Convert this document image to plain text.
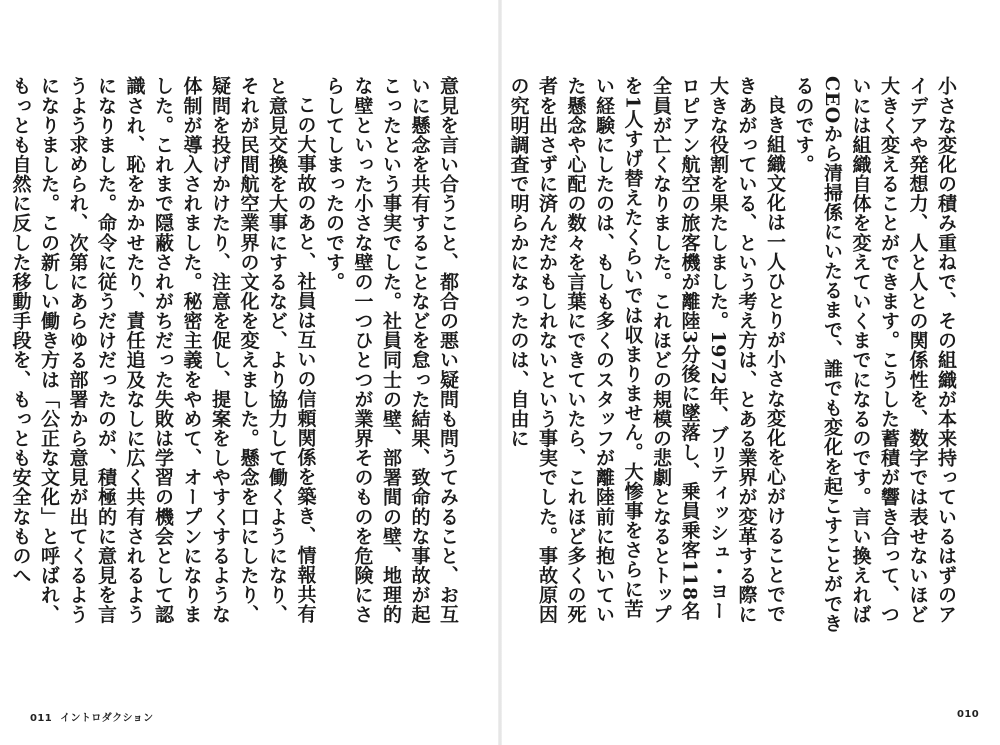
小さな変化の積み重ねで、その組織が本来持っているはずのアイデアや発想力、人と人との関係性を、数字では表せないほど大きく変えることができます。こうした蓄積が響き合って、ついには組織自体を変えていくまでになるのです。言い換えればCEOから清掃係にいたるまで、誰でも変化を起こすことができるのです。

良き組織文化は一人ひとりが小さな変化を心がけることでできあがっている、という考え方は、とある業界が変革する際に大きな役割を果たしました。1972年、ブリティッシュ・ヨーロピアン航空の旅客機が離陸3分後に墜落し、乗員乗客118名全員が亡くなりました。これほどの規模の悲劇となるとトップを1人すげ替えたくらいでは収まりません。大惨事をさらに苦い経験にしたのは、もしも多くのスタッフが離陸前に抱いていた懸念や心配の数々を言葉にできていたら、これほど多くの死者を出さずに済んだかもしれないという事実でした。事故原因の究明調査で明らかになったのは、自由に

意見を言い合うこと、都合の悪い疑問も問うてみること、お互いに懸念を共有することなどを怠った結果、致命的な事故が起こったという事実でした。社員同士の壁、部署間の壁、地理的な壁といった小さな壁の一つひとつが業界そのものを危険にさらしてしまったのです。

この大事故のあと、社員は互いの信頼関係を築き、情報共有と意見交換を大事にするなど、より協力して働くようになり、それが民間航空業界の文化を変えました。懸念を口にしたり、疑問を投げかけたり、注意を促し、提案をしやすくするような体制が導入されました。秘密主義をやめて、オープンになりました。これまで隠蔽されがちだった失敗は学習の機会として認識され、恥をかかせたり、責任追及なしに広く共有されるようになりました。命令に従うだけだったのが、積極的に意見を言うよう求められ、次第にあらゆる部署から意見が出てくるようになりました。この新しい働き方は「公正な文化」と呼ばれ、もっとも自然に反した移動手段を、もっとも安全なものへ

011 イントロダクション	010
